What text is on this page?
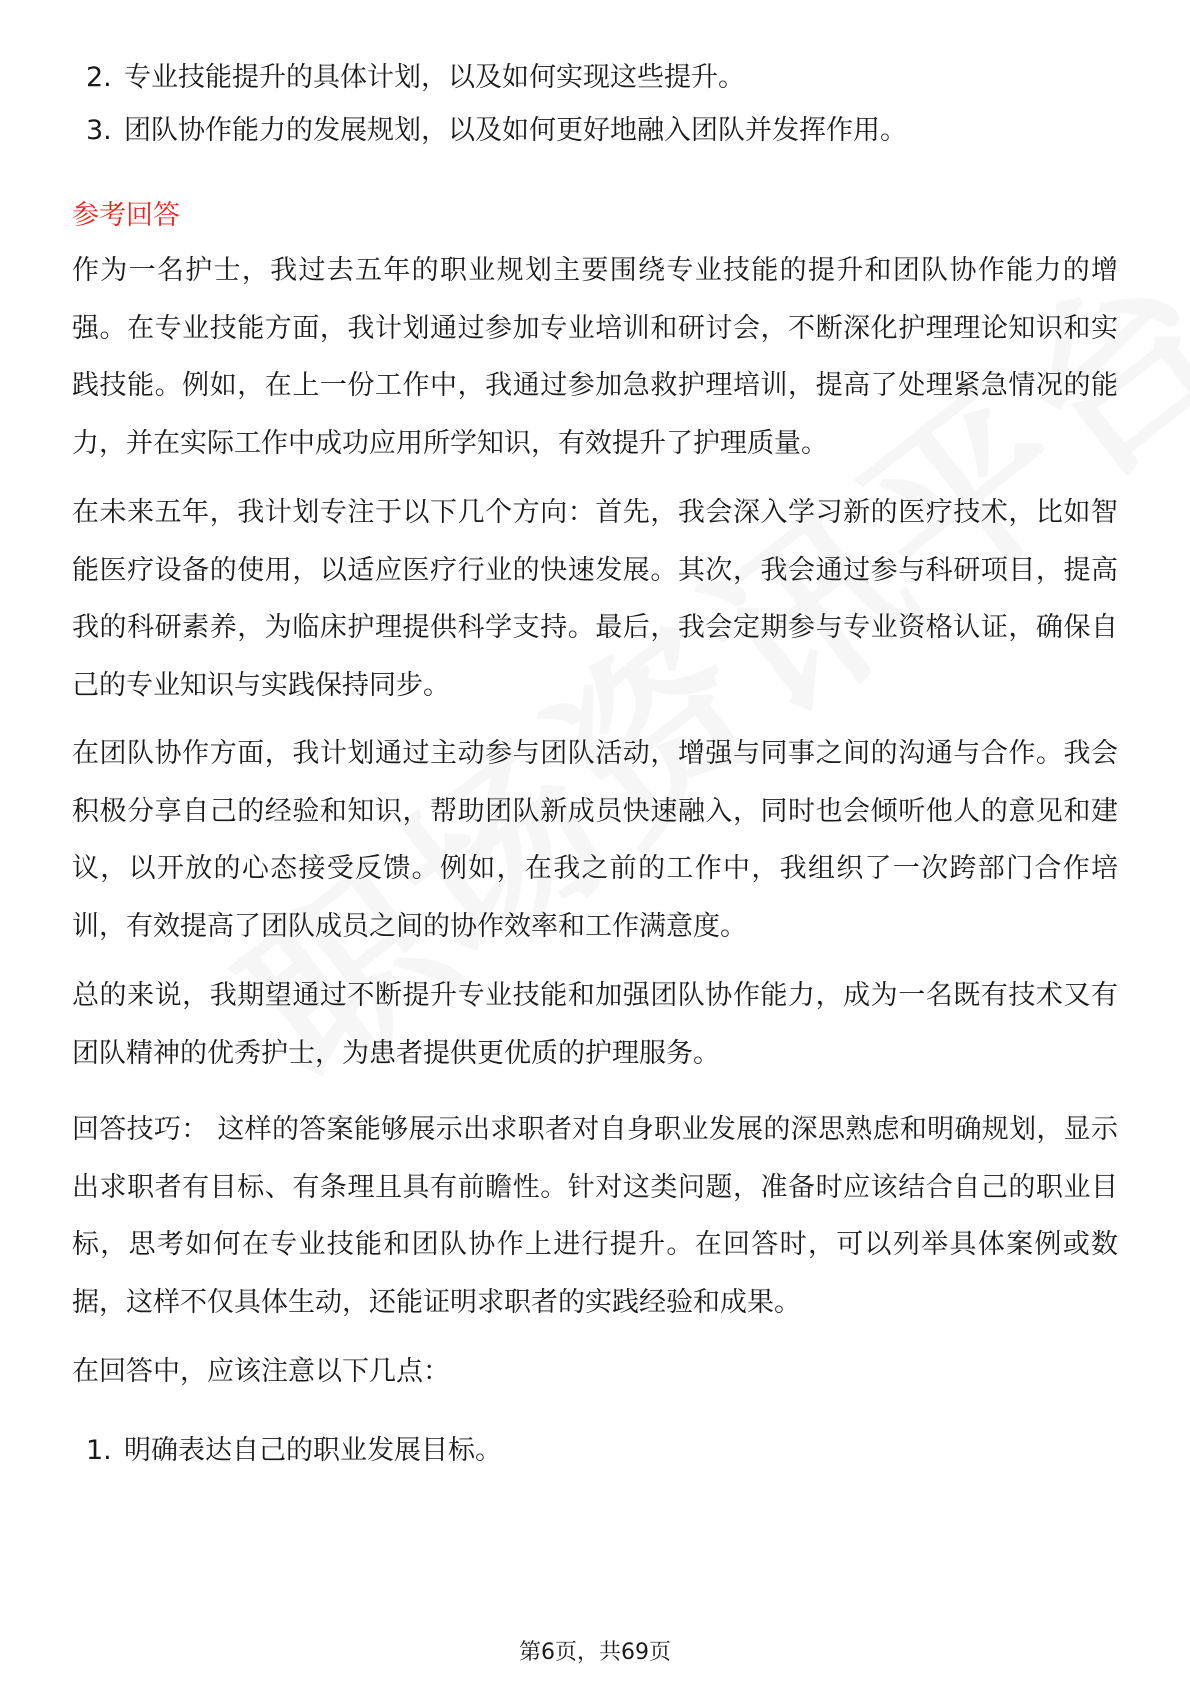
2. 专业技能提升的具体计划，以及如何实现这些提升。
3. 团队协作能力的发展规划，以及如何更好地融入团队并发挥作用。
参考回答
作为一名护士，我过去五年的职业规划主要围绕专业技能的提升和团队协作能力的增强。在专业技能方面，我计划通过参加专业培训和研讨会，不断深化护理理论知识和实践技能。例如，在上一份工作中，我通过参加急救护理培训，提高了处理紧急情况的能力，并在实际工作中成功应用所学知识，有效提升了护理质量。
在未来五年，我计划专注于以下几个方向：首先，我会深入学习新的医疗技术，比如智能医疗设备的使用，以适应医疗行业的快速发展。其次，我会通过参与科研项目，提高我的科研素养，为临床护理提供科学支持。最后，我会定期参与专业资格认证，确保自己的专业知识与实践保持同步。
在团队协作方面，我计划通过主动参与团队活动，增强与同事之间的沟通与合作。我会积极分享自己的经验和知识，帮助团队新成员快速融入，同时也会倾听他人的意见和建议，以开放的心态接受反馈。例如，在我之前的工作中，我组织了一次跨部门合作培训，有效提高了团队成员之间的协作效率和工作满意度。
总的来说，我期望通过不断提升专业技能和加强团队协作能力，成为一名既有技术又有团队精神的优秀护士，为患者提供更优质的护理服务。
回答技巧： 这样的答案能够展示出求职者对自身职业发展的深思熟虑和明确规划，显示出求职者有目标、有条理且具有前瞻性。针对这类问题，准备时应该结合自己的职业目标，思考如何在专业技能和团队协作上进行提升。在回答时，可以列举具体案例或数据，这样不仅具体生动，还能证明求职者的实践经验和成果。
在回答中，应该注意以下几点：
1. 明确表达自己的职业发展目标。
第6页，共69页
